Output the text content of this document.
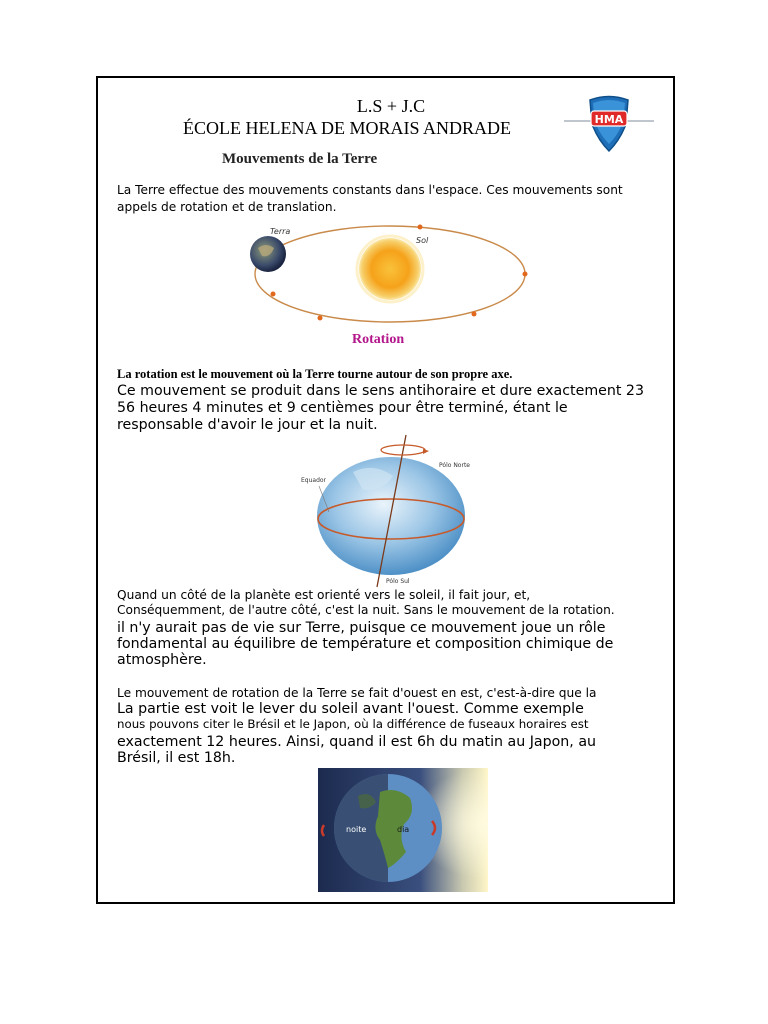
L.S + J.C
ÉCOLE HELENA DE MORAIS ANDRADE	HMA
Mouvements de la Terre
La Terre effectue des mouvements constants dans l'espace. Ces mouvements sont
appels de rotation et de translation.
Terra
Sol
Rotation
La rotation est le mouvement où la Terre tourne autour de son propre axe.
Ce mouvement se produit dans le sens antihoraire et dure exactement 23
56 heures 4 minutes et 9 centièmes pour être terminé, étant le
responsable d'avoir le jour et la nuit.
Pólo Norte
Equador
Pólo Sul
Quand un côté de la planète est orienté vers le soleil, il fait jour, et,
Conséquemment, de l'autre côté, c'est la nuit. Sans le mouvement de la rotation.
il n'y aurait pas de vie sur Terre, puisque ce mouvement joue un rôle
fondamental au équilibre de température et composition chimique de
atmosphère.
Le mouvement de rotation de la Terre se fait d'ouest en est, c'est-à-dire que la
La partie est voit le lever du soleil avant l'ouest. Comme exemple
nous pouvons citer le Brésil et le Japon, où la différence de fuseaux horaires est
exactement 12 heures. Ainsi, quand il est 6h du matin au Japon, au
Brésil, il est 18h.
noite	dia
